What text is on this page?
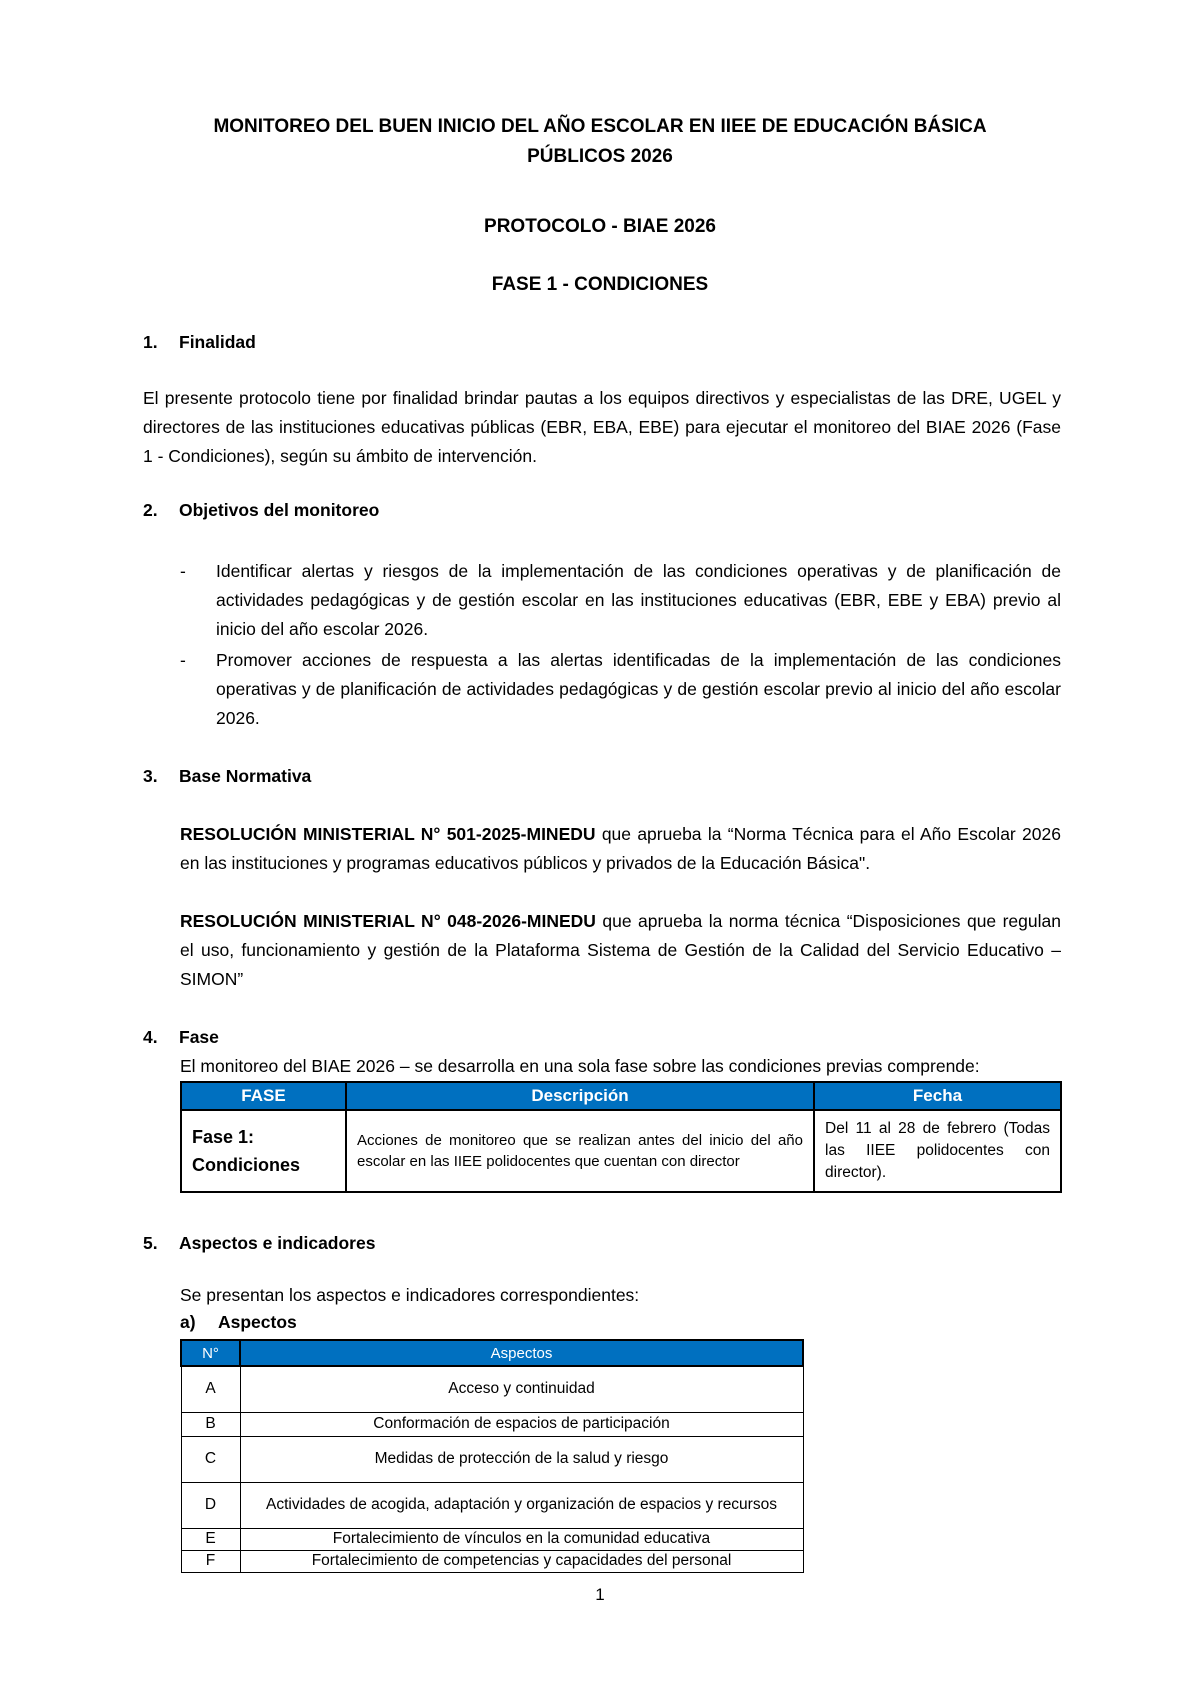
MONITOREO DEL BUEN INICIO DEL AÑO ESCOLAR EN IIEE DE EDUCACIÓN BÁSICA
PÚBLICOS 2026
PROTOCOLO - BIAE 2026
FASE 1 - CONDICIONES
1. Finalidad
El presente protocolo tiene por finalidad brindar pautas a los equipos directivos y especialistas de las DRE, UGEL y directores de las instituciones educativas públicas (EBR, EBA, EBE) para ejecutar el monitoreo del BIAE 2026 (Fase 1 - Condiciones), según su ámbito de intervención.
2. Objetivos del monitoreo
- Identificar alertas y riesgos de la implementación de las condiciones operativas y de planificación de actividades pedagógicas y de gestión escolar en las instituciones educativas (EBR, EBE y EBA) previo al inicio del año escolar 2026.
- Promover acciones de respuesta a las alertas identificadas de la implementación de las condiciones operativas y de planificación de actividades pedagógicas y de gestión escolar previo al inicio del año escolar 2026.
3. Base Normativa
RESOLUCIÓN MINISTERIAL N° 501-2025-MINEDU que aprueba la “Norma Técnica para el Año Escolar 2026 en las instituciones y programas educativos públicos y privados de la Educación Básica".
RESOLUCIÓN MINISTERIAL N° 048-2026-MINEDU que aprueba la norma técnica “Disposiciones que regulan el uso, funcionamiento y gestión de la Plataforma Sistema de Gestión de la Calidad del Servicio Educativo – SIMON”
4. Fase
El monitoreo del BIAE 2026 – se desarrolla en una sola fase sobre las condiciones previas comprende:
FASE	Descripción	Fecha
Fase 1: Condiciones	Acciones de monitoreo que se realizan antes del inicio del año escolar en las IIEE polidocentes que cuentan con director	Del 11 al 28 de febrero (Todas las IIEE polidocentes con director).
5. Aspectos e indicadores
Se presentan los aspectos e indicadores correspondientes:
a) Aspectos
N°	Aspectos
A	Acceso y continuidad
B	Conformación de espacios de participación
C	Medidas de protección de la salud y riesgo
D	Actividades de acogida, adaptación y organización de espacios y recursos
E	Fortalecimiento de vínculos en la comunidad educativa
F	Fortalecimiento de competencias y capacidades del personal
1
